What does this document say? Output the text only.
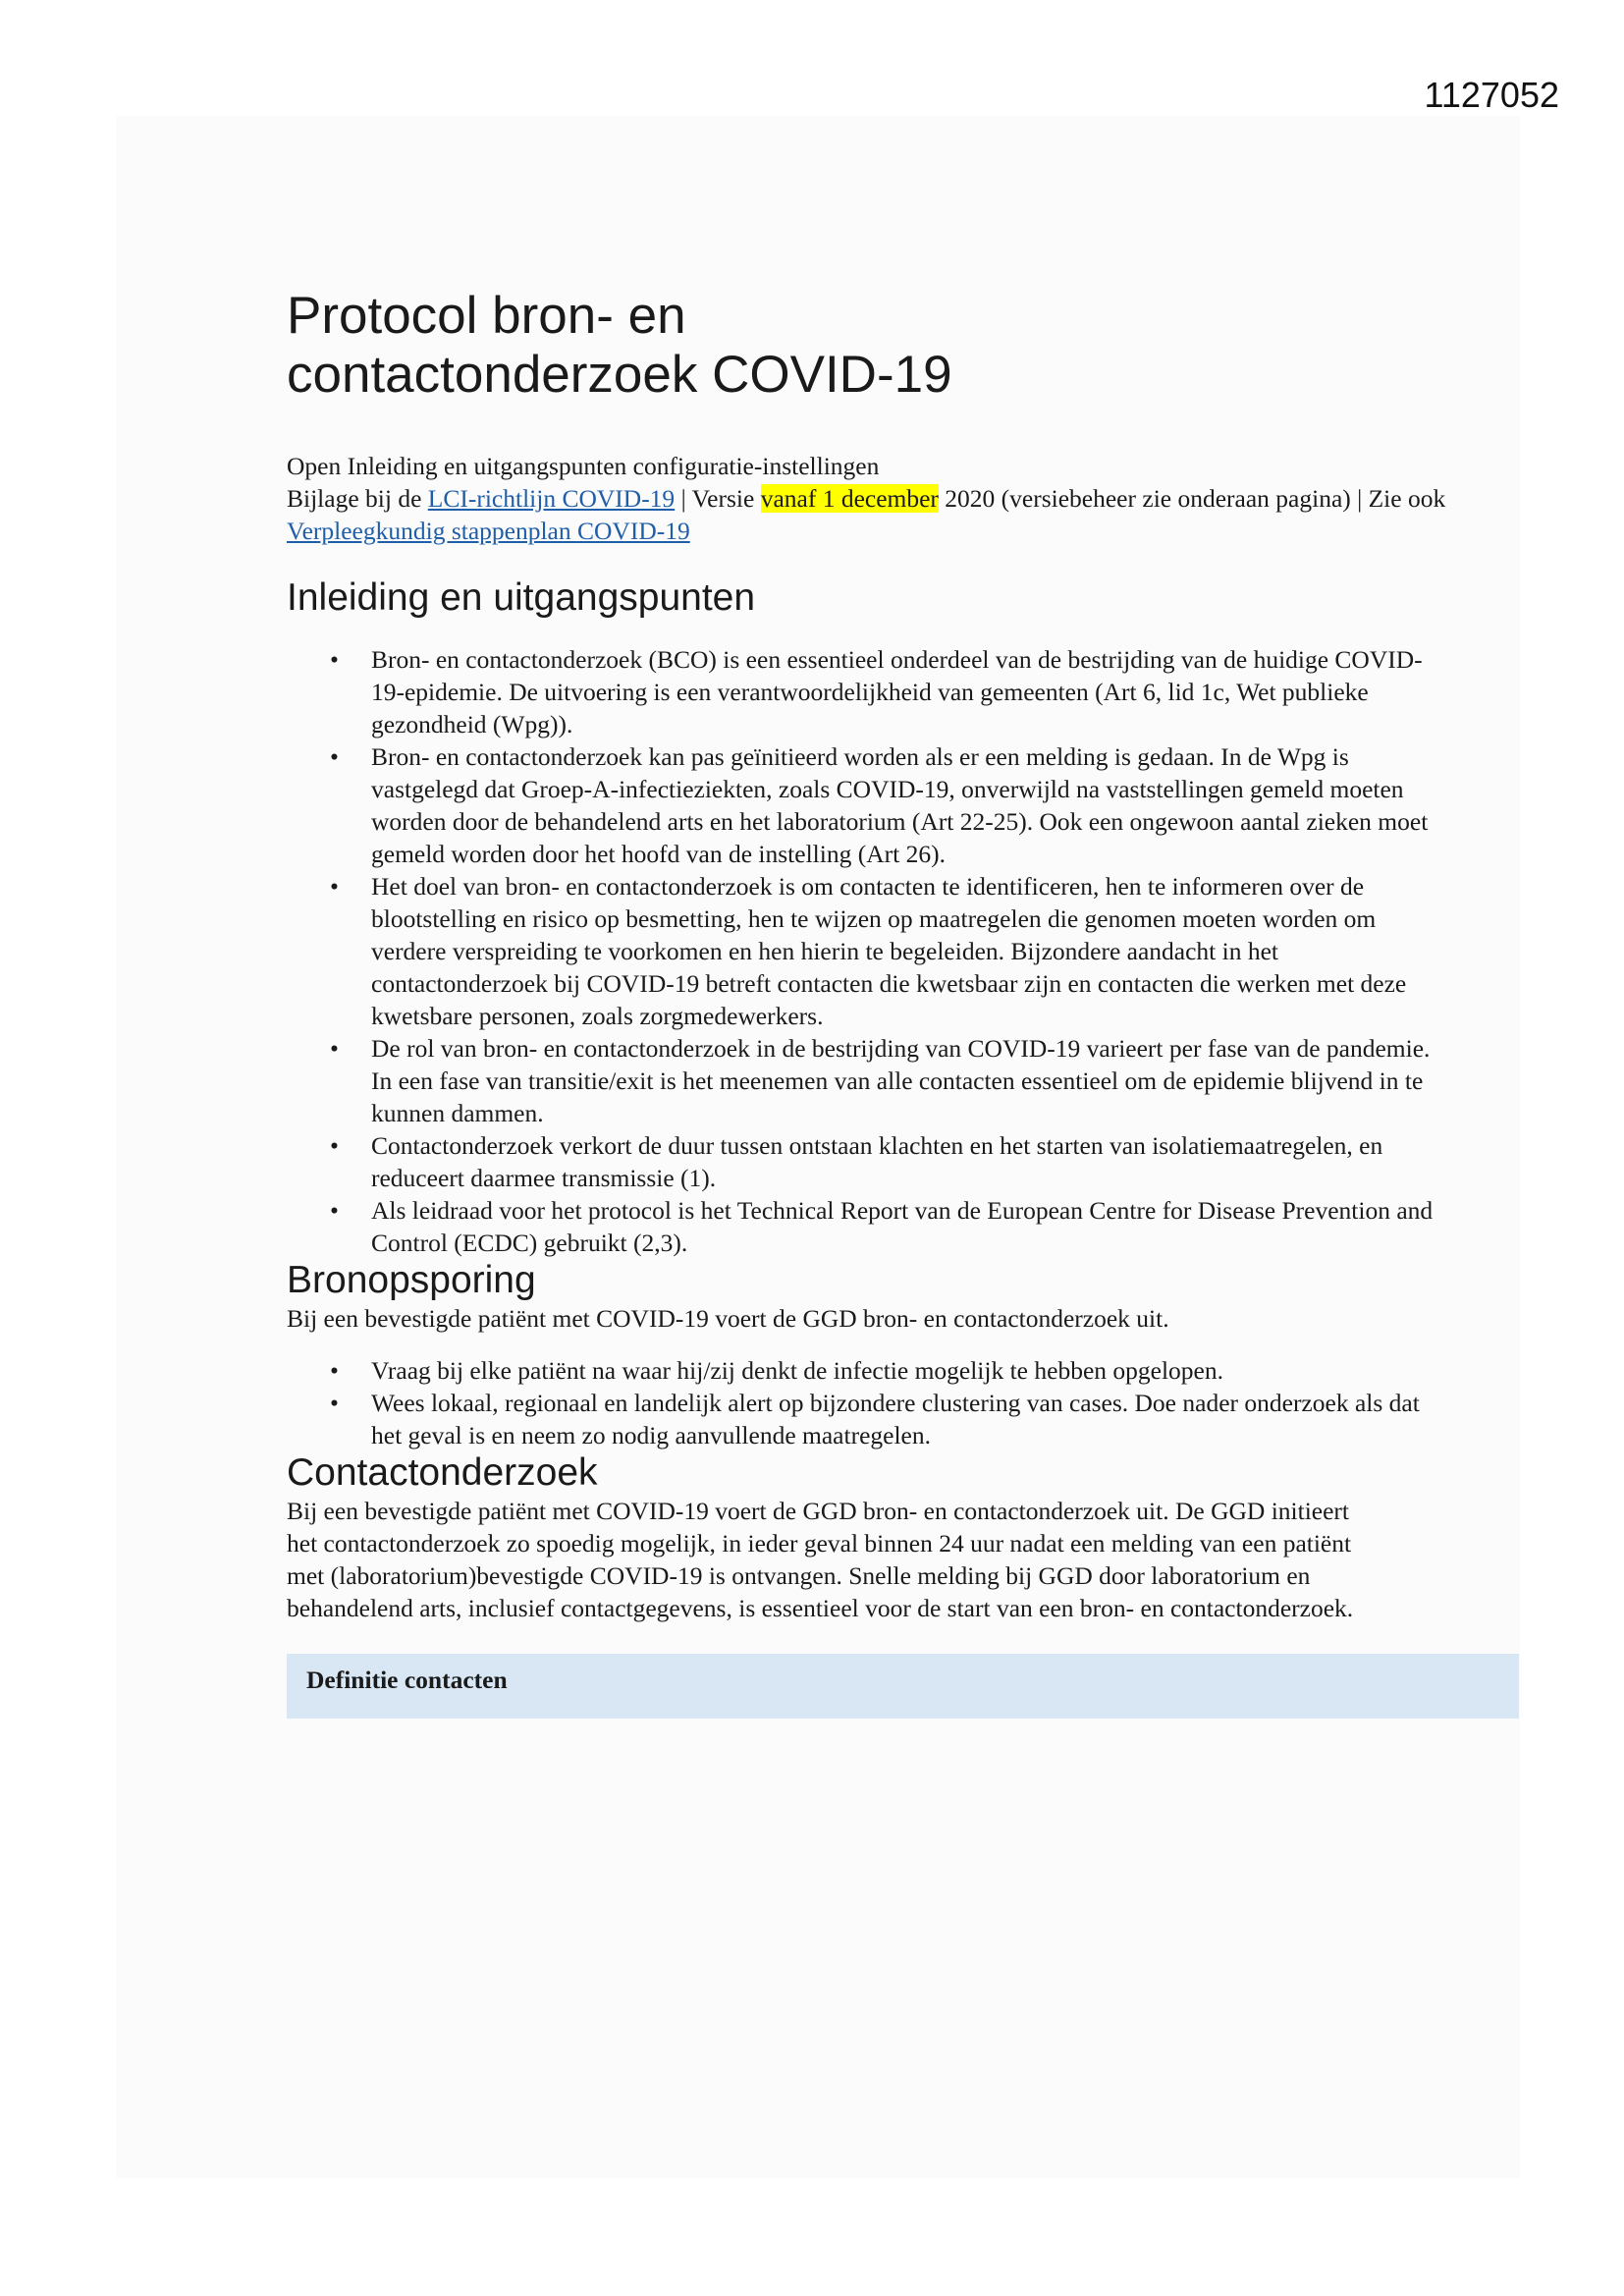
1127052
Protocol bron- en
contactonderzoek COVID-19

Open Inleiding en uitgangspunten configuratie-instellingen

Bijlage bij de LCI-richtlijn COVID-19 | Versie vanaf 1 december 2020 (versiebeheer zie onderaan pagina) | Zie ook Verpleegkundig stappenplan COVID-19

Inleiding en uitgangspunten
• Bron- en contactonderzoek (BCO) is een essentieel onderdeel van de bestrijding van de huidige COVID-19-epidemie. De uitvoering is een verantwoordelijkheid van gemeenten (Art 6, lid 1c, Wet publieke gezondheid (Wpg)).
• Bron- en contactonderzoek kan pas geïnitieerd worden als er een melding is gedaan. In de Wpg is vastgelegd dat Groep-A-infectieziekten, zoals COVID-19, onverwijld na vaststellingen gemeld moeten worden door de behandelend arts en het laboratorium (Art 22-25). Ook een ongewoon aantal zieken moet gemeld worden door het hoofd van de instelling (Art 26).
• Het doel van bron- en contactonderzoek is om contacten te identificeren, hen te informeren over de blootstelling en risico op besmetting, hen te wijzen op maatregelen die genomen moeten worden om verdere verspreiding te voorkomen en hen hierin te begeleiden. Bijzondere aandacht in het contactonderzoek bij COVID-19 betreft contacten die kwetsbaar zijn en contacten die werken met deze kwetsbare personen, zoals zorgmedewerkers.
• De rol van bron- en contactonderzoek in de bestrijding van COVID-19 varieert per fase van de pandemie. In een fase van transitie/exit is het meenemen van alle contacten essentieel om de epidemie blijvend in te kunnen dammen.
• Contactonderzoek verkort de duur tussen ontstaan klachten en het starten van isolatiemaatregelen, en reduceert daarmee transmissie (1).
• Als leidraad voor het protocol is het Technical Report van de European Centre for Disease Prevention and Control (ECDC) gebruikt (2,3).
Bronopsporing

Bij een bevestigde patiënt met COVID-19 voert de GGD bron- en contactonderzoek uit.

• Vraag bij elke patiënt na waar hij/zij denkt de infectie mogelijk te hebben opgelopen.
• Wees lokaal, regionaal en landelijk alert op bijzondere clustering van cases. Doe nader onderzoek als dat het geval is en neem zo nodig aanvullende maatregelen.
Contactonderzoek

Bij een bevestigde patiënt met COVID-19 voert de GGD bron- en contactonderzoek uit. De GGD initieert het contactonderzoek zo spoedig mogelijk, in ieder geval binnen 24 uur nadat een melding van een patiënt met (laboratorium)bevestigde COVID-19 is ontvangen. Snelle melding bij GGD door laboratorium en behandelend arts, inclusief contactgegevens, is essentieel voor de start van een bron- en contactonderzoek.

Definitie contacten
